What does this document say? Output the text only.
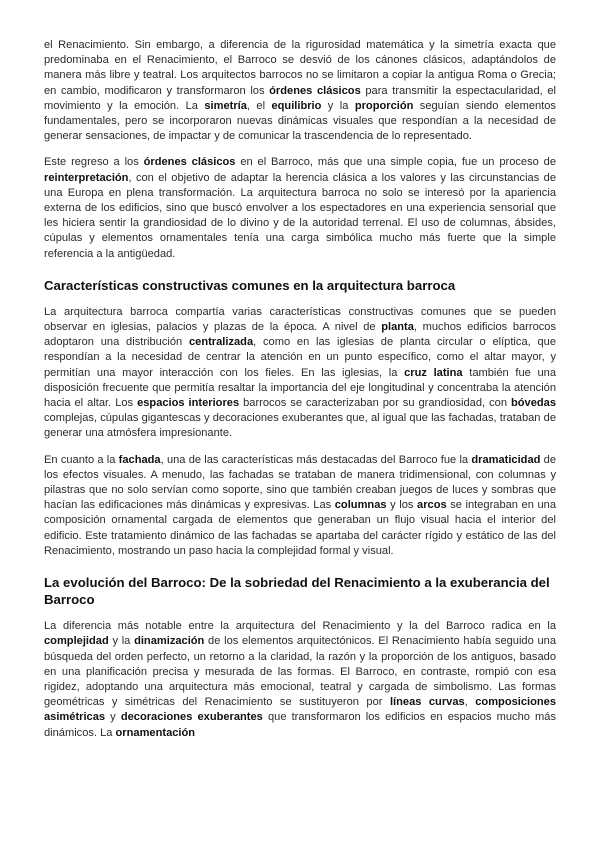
el Renacimiento. Sin embargo, a diferencia de la rigurosidad matemática y la simetría exacta que predominaba en el Renacimiento, el Barroco se desvió de los cánones clásicos, adaptándolos de manera más libre y teatral. Los arquitectos barrocos no se limitaron a copiar la antigua Roma o Grecia; en cambio, modificaron y transformaron los órdenes clásicos para transmitir la espectacularidad, el movimiento y la emoción. La simetría, el equilibrio y la proporción seguían siendo elementos fundamentales, pero se incorporaron nuevas dinámicas visuales que respondían a la necesidad de generar sensaciones, de impactar y de comunicar la trascendencia de lo representado.

Este regreso a los órdenes clásicos en el Barroco, más que una simple copia, fue un proceso de reinterpretación, con el objetivo de adaptar la herencia clásica a los valores y las circunstancias de una Europa en plena transformación. La arquitectura barroca no solo se interesó por la apariencia externa de los edificios, sino que buscó envolver a los espectadores en una experiencia sensorial que les hiciera sentir la grandiosidad de lo divino y de la autoridad terrenal. El uso de columnas, ábsides, cúpulas y elementos ornamentales tenía una carga simbólica mucho más fuerte que la simple referencia a la antigüedad.

Características constructivas comunes en la arquitectura barroca

La arquitectura barroca compartía varias características constructivas comunes que se pueden observar en iglesias, palacios y plazas de la época. A nivel de planta, muchos edificios barrocos adoptaron una distribución centralizada, como en las iglesias de planta circular o elíptica, que respondían a la necesidad de centrar la atención en un punto específico, como el altar mayor, y permitían una mayor interacción con los fieles. En las iglesias, la cruz latina también fue una disposición frecuente que permitía resaltar la importancia del eje longitudinal y concentraba la atención hacia el altar. Los espacios interiores barrocos se caracterizaban por su grandiosidad, con bóvedas complejas, cúpulas gigantescas y decoraciones exuberantes que, al igual que las fachadas, trataban de generar una atmósfera impresionante.

En cuanto a la fachada, una de las características más destacadas del Barroco fue la dramaticidad de los efectos visuales. A menudo, las fachadas se trataban de manera tridimensional, con columnas y pilastras que no solo servían como soporte, sino que también creaban juegos de luces y sombras que hacían las edificaciones más dinámicas y expresivas. Las columnas y los arcos se integraban en una composición ornamental cargada de elementos que generaban un flujo visual hacia el interior del edificio. Este tratamiento dinámico de las fachadas se apartaba del carácter rígido y estático de las del Renacimiento, mostrando un paso hacia la complejidad formal y visual.

La evolución del Barroco: De la sobriedad del Renacimiento a la exuberancia del Barroco

La diferencia más notable entre la arquitectura del Renacimiento y la del Barroco radica en la complejidad y la dinamización de los elementos arquitectónicos. El Renacimiento había seguido una búsqueda del orden perfecto, un retorno a la claridad, la razón y la proporción de los antiguos, basado en una planificación precisa y mesurada de las formas. El Barroco, en contraste, rompió con esa rigidez, adoptando una arquitectura más emocional, teatral y cargada de simbolismo. Las formas geométricas y simétricas del Renacimiento se sustituyeron por líneas curvas, composiciones asimétricas y decoraciones exuberantes que transformaron los edificios en espacios mucho más dinámicos. La ornamentación
